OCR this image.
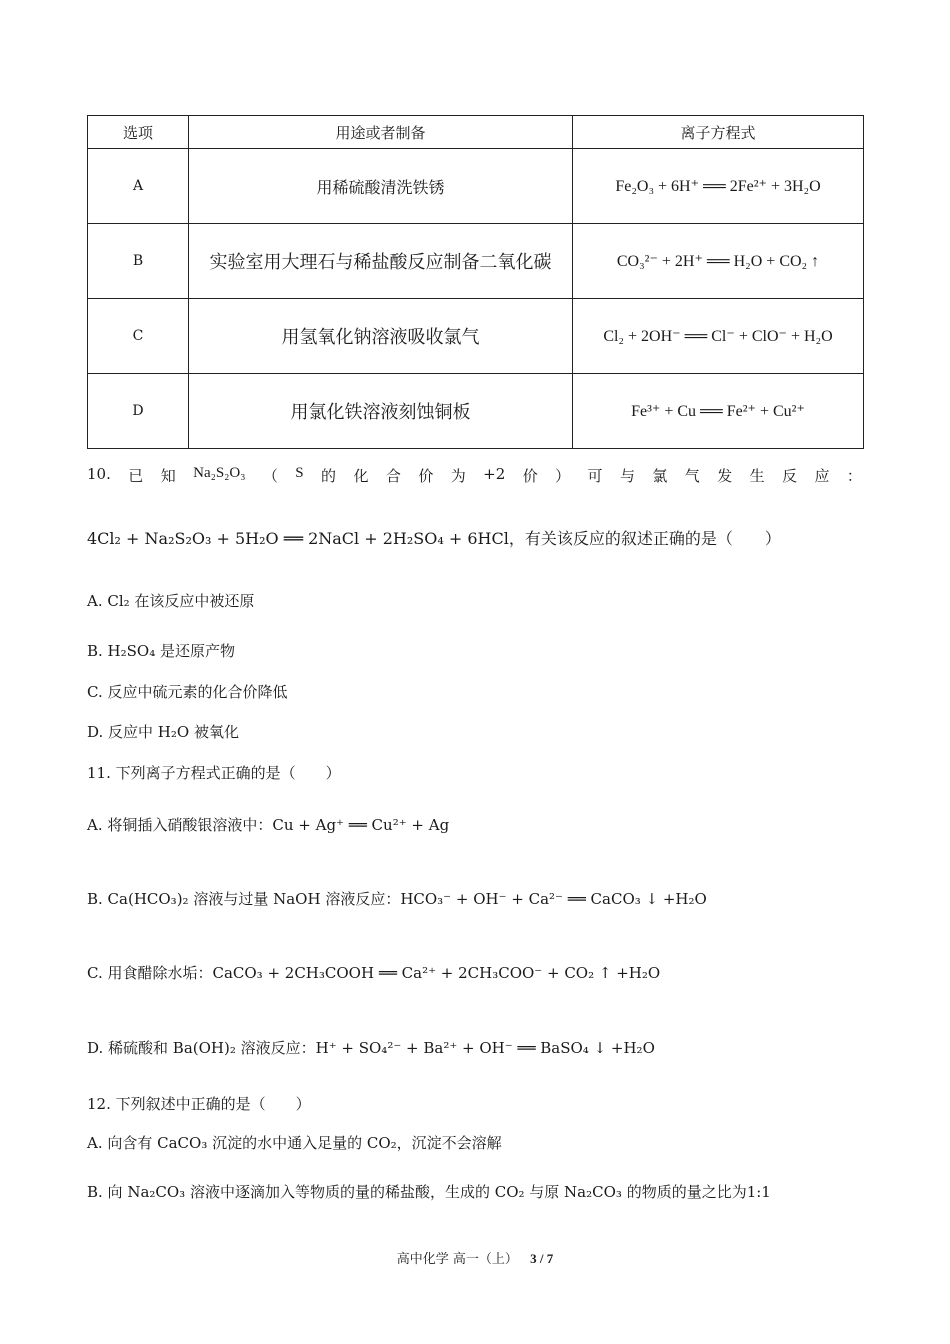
选项	用途或者制备	离子方程式
A	用稀硫酸清洗铁锈	Fe₂O₃ + 6H⁺ ══ 2Fe²⁺ + 3H₂O
B	实验室用大理石与稀盐酸反应制备二氧化碳	CO₃²⁻ + 2H⁺ ══ H₂O + CO₂ ↑
C	用氢氧化钠溶液吸收氯气	Cl₂ + 2OH⁻ ══ Cl⁻ + ClO⁻ + H₂O
D	用氯化铁溶液刻蚀铜板	Fe³⁺ + Cu ══ Fe²⁺ + Cu²⁺
10. 已 知 Na₂S₂O₃ （ S 的 化 合 价 为 +2 价 ） 可 与 氯 气 发 生 反 应 ：
4Cl₂ + Na₂S₂O₃ + 5H₂O ══ 2NaCl + 2H₂SO₄ + 6HCl，有关该反应的叙述正确的是（　　）
A. Cl₂ 在该反应中被还原
B. H₂SO₄ 是还原产物
C. 反应中硫元素的化合价降低
D. 反应中 H₂O 被氧化
11. 下列离子方程式正确的是（　　）
A. 将铜插入硝酸银溶液中：Cu + Ag⁺ ══ Cu²⁺ + Ag
B. Ca(HCO₃)₂ 溶液与过量 NaOH 溶液反应：HCO₃⁻ + OH⁻ + Ca²⁻ ══ CaCO₃ ↓ +H₂O
C. 用食醋除水垢：CaCO₃ + 2CH₃COOH ══ Ca²⁺ + 2CH₃COO⁻ + CO₂ ↑ +H₂O
D. 稀硫酸和 Ba(OH)₂ 溶液反应：H⁺ + SO₄²⁻ + Ba²⁺ + OH⁻ ══ BaSO₄ ↓ +H₂O
12. 下列叙述中正确的是（　　）
A. 向含有 CaCO₃ 沉淀的水中通入足量的 CO₂，沉淀不会溶解
B. 向 Na₂CO₃ 溶液中逐滴加入等物质的量的稀盐酸，生成的 CO₂ 与原 Na₂CO₃ 的物质的量之比为1:1
高中化学 高一（上） 3 / 7
